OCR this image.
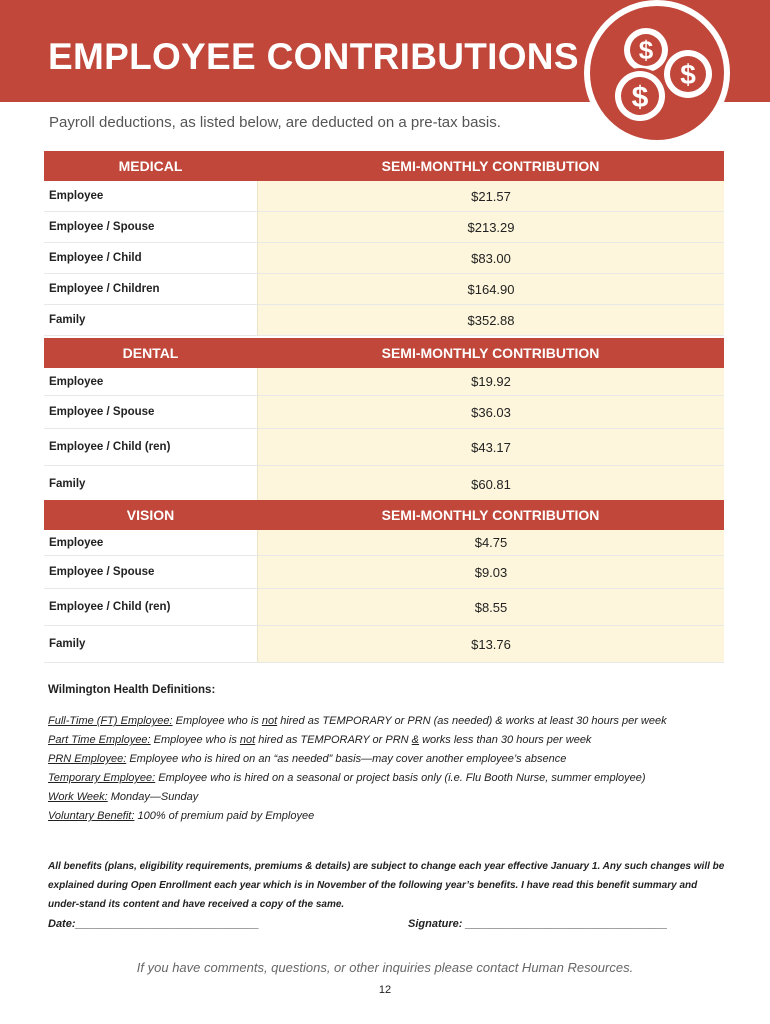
EMPLOYEE CONTRIBUTIONS $
$
$
Payroll deductions, as listed below, are deducted on a pre-tax basis.
MEDICAL	SEMI-MONTHLY CONTRIBUTION
Employee	$21.57
Employee / Spouse	$213.29
Employee / Child	$83.00
Employee / Children	$164.90
Family	$352.88
DENTAL	SEMI-MONTHLY CONTRIBUTION
Employee	$19.92
Employee / Spouse	$36.03
Employee / Child (ren)	$43.17
Family	$60.81
VISION	SEMI-MONTHLY CONTRIBUTION
Employee	$4.75
Employee / Spouse	$9.03
Employee / Child (ren)	$8.55
Family	$13.76
Wilmington Health Definitions:
Full-Time (FT) Employee: Employee who is not hired as TEMPORARY or PRN (as needed) & works at least 30 hours per week
Part Time Employee: Employee who is not hired as TEMPORARY or PRN & works less than 30 hours per week
PRN Employee: Employee who is hired on an “as needed” basis—may cover another employee’s absence
Temporary Employee: Employee who is hired on a seasonal or project basis only (i.e. Flu Booth Nurse, summer employee)
Work Week: Monday—Sunday
Voluntary Benefit: 100% of premium paid by Employee
All benefits (plans, eligibility requirements, premiums & details) are subject to change each year effective January 1. Any such changes will be explained during Open Enrollment each year which is in November of the following year’s benefits. I have read this benefit summary and under-stand its content and have received a copy of the same.
Date:______________________________	Signature: _________________________________
If you have comments, questions, or other inquiries please contact Human Resources.
12
